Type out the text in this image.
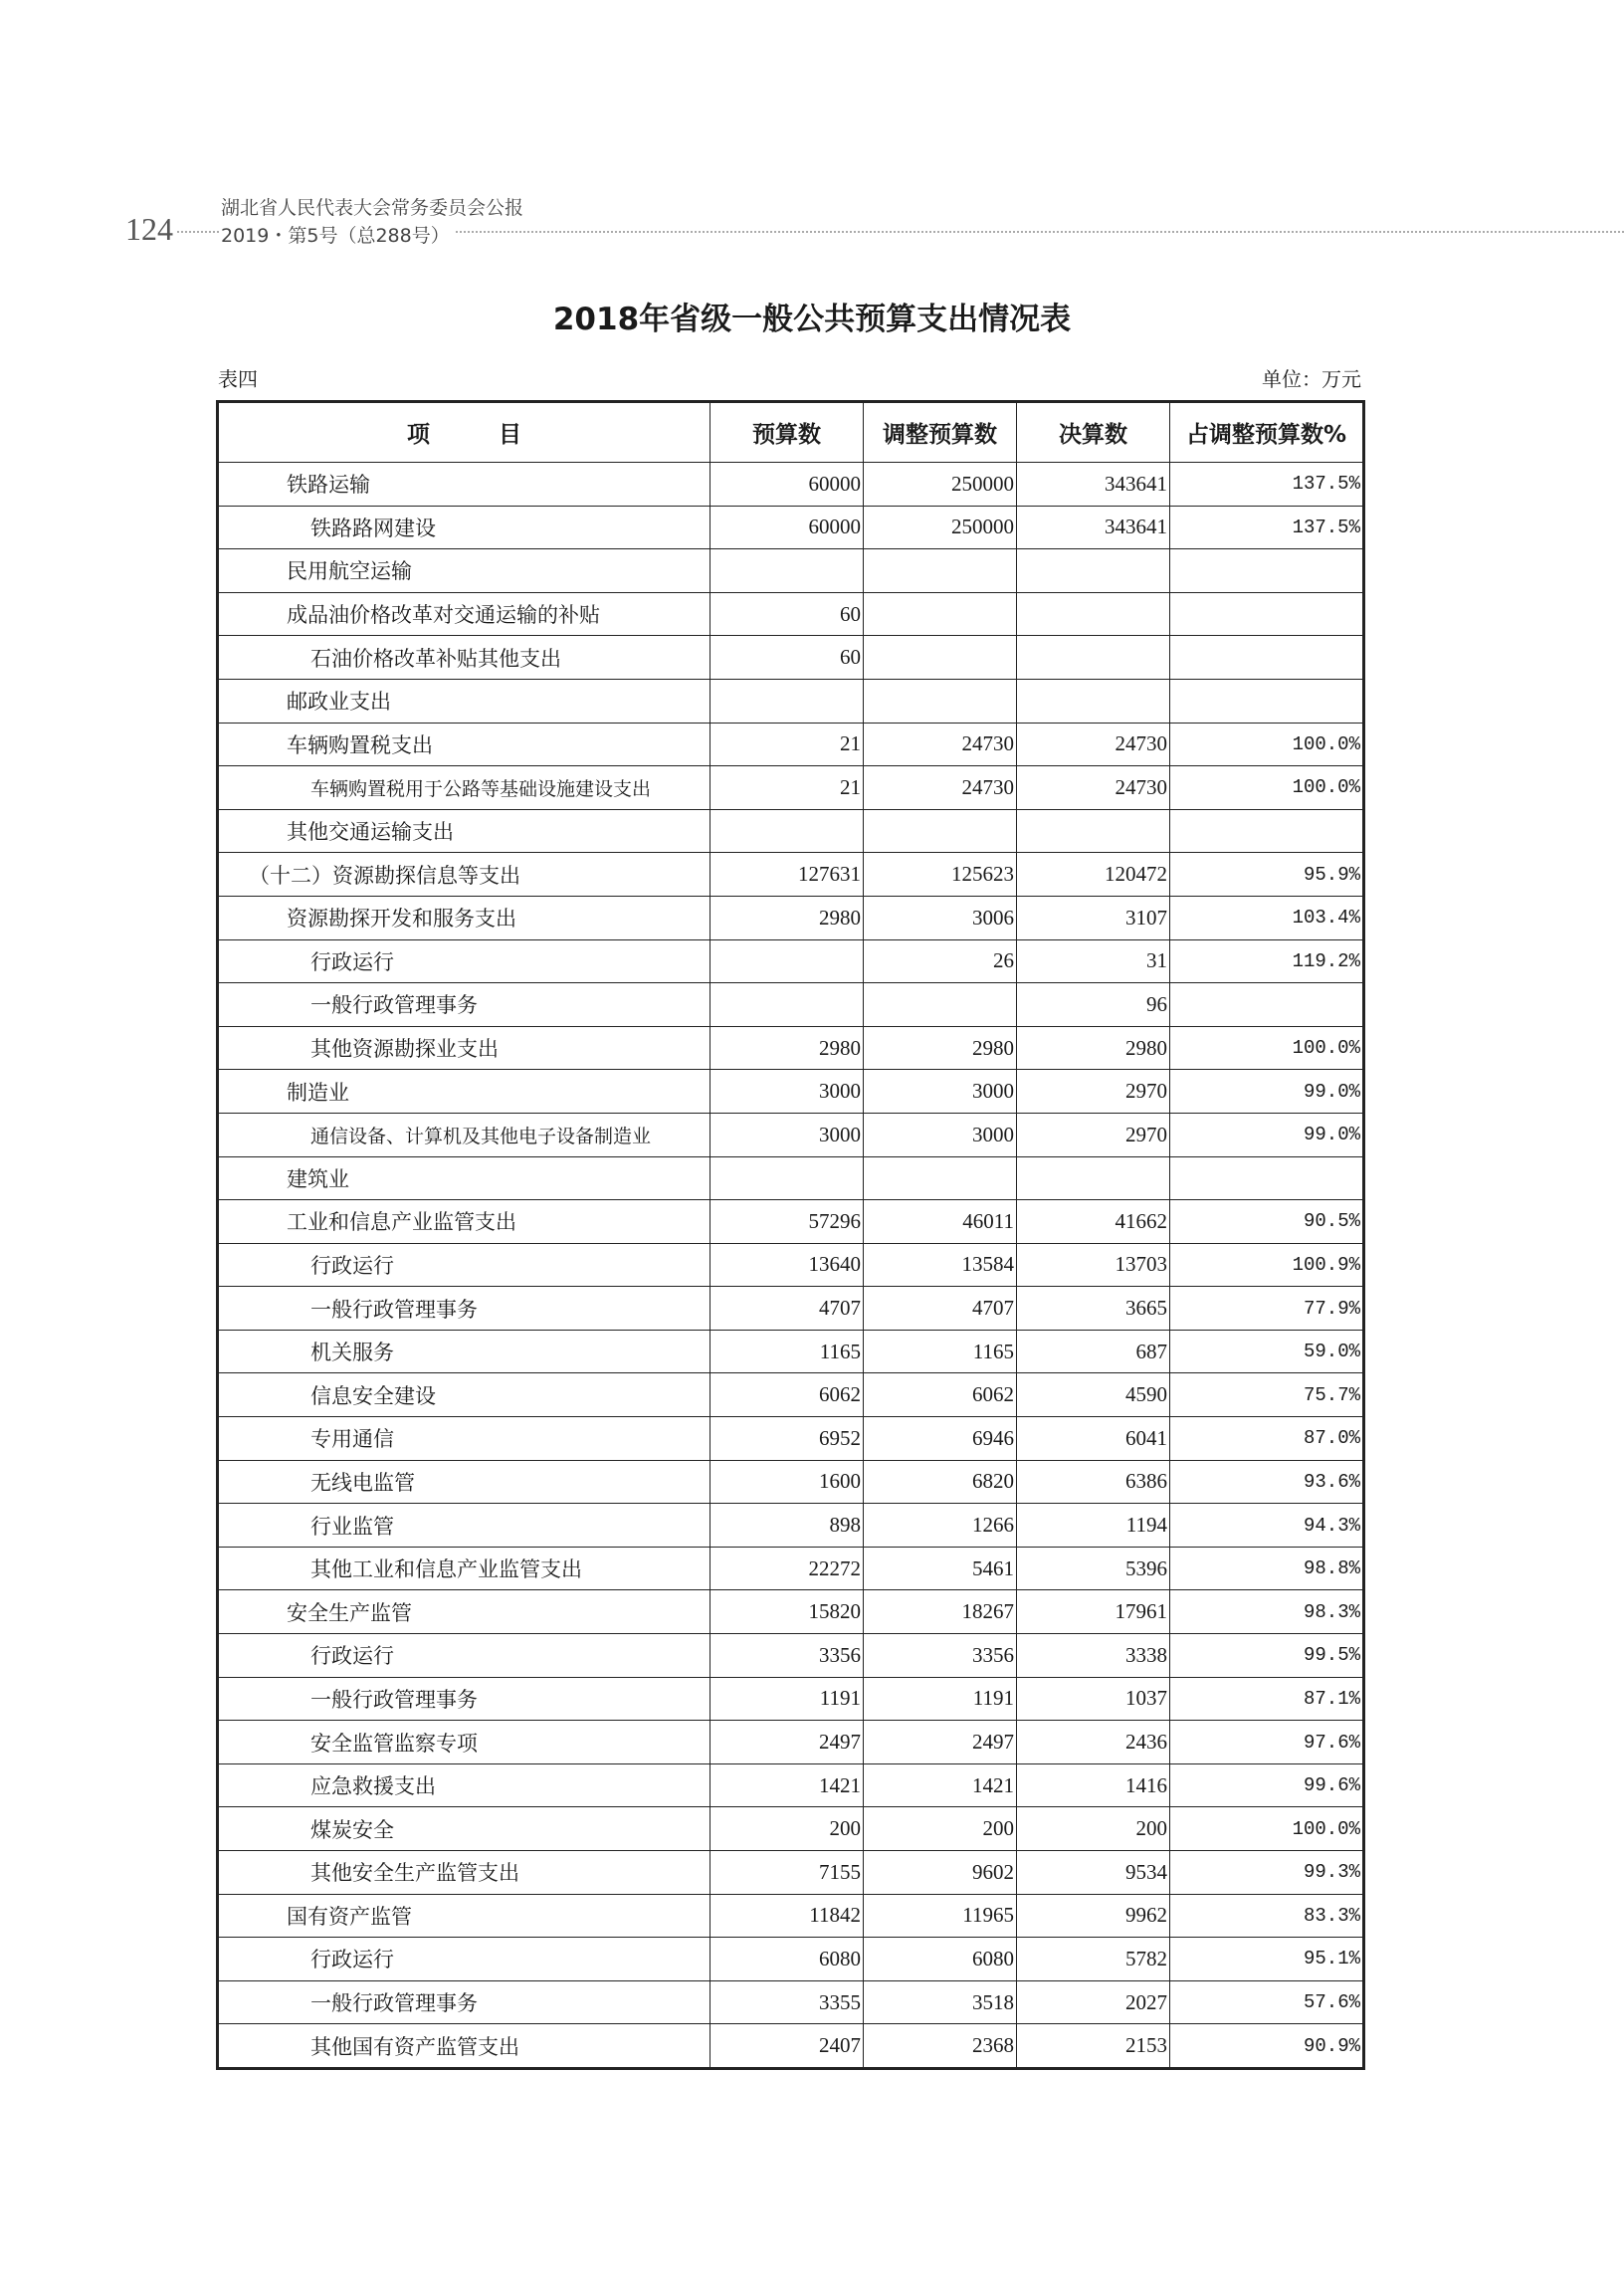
124
湖北省人民代表大会常务委员会公报
2019・第5号（总288号）
2018年省级一般公共预算支出情况表
表四	单位：万元
项　　　目	预算数	调整预算数	决算数	占调整预算数%
铁路运输	60000	250000	343641	137.5%
铁路路网建设	60000	250000	343641	137.5%
民用航空运输				
成品油价格改革对交通运输的补贴	60			
石油价格改革补贴其他支出	60			
邮政业支出				
车辆购置税支出	21	24730	24730	100.0%
车辆购置税用于公路等基础设施建设支出	21	24730	24730	100.0%
其他交通运输支出				
（十二）资源勘探信息等支出	127631	125623	120472	95.9%
资源勘探开发和服务支出	2980	3006	3107	103.4%
行政运行		26	31	119.2%
一般行政管理事务			96	
其他资源勘探业支出	2980	2980	2980	100.0%
制造业	3000	3000	2970	99.0%
通信设备、计算机及其他电子设备制造业	3000	3000	2970	99.0%
建筑业				
工业和信息产业监管支出	57296	46011	41662	90.5%
行政运行	13640	13584	13703	100.9%
一般行政管理事务	4707	4707	3665	77.9%
机关服务	1165	1165	687	59.0%
信息安全建设	6062	6062	4590	75.7%
专用通信	6952	6946	6041	87.0%
无线电监管	1600	6820	6386	93.6%
行业监管	898	1266	1194	94.3%
其他工业和信息产业监管支出	22272	5461	5396	98.8%
安全生产监管	15820	18267	17961	98.3%
行政运行	3356	3356	3338	99.5%
一般行政管理事务	1191	1191	1037	87.1%
安全监管监察专项	2497	2497	2436	97.6%
应急救援支出	1421	1421	1416	99.6%
煤炭安全	200	200	200	100.0%
其他安全生产监管支出	7155	9602	9534	99.3%
国有资产监管	11842	11965	9962	83.3%
行政运行	6080	6080	5782	95.1%
一般行政管理事务	3355	3518	2027	57.6%
其他国有资产监管支出	2407	2368	2153	90.9%
